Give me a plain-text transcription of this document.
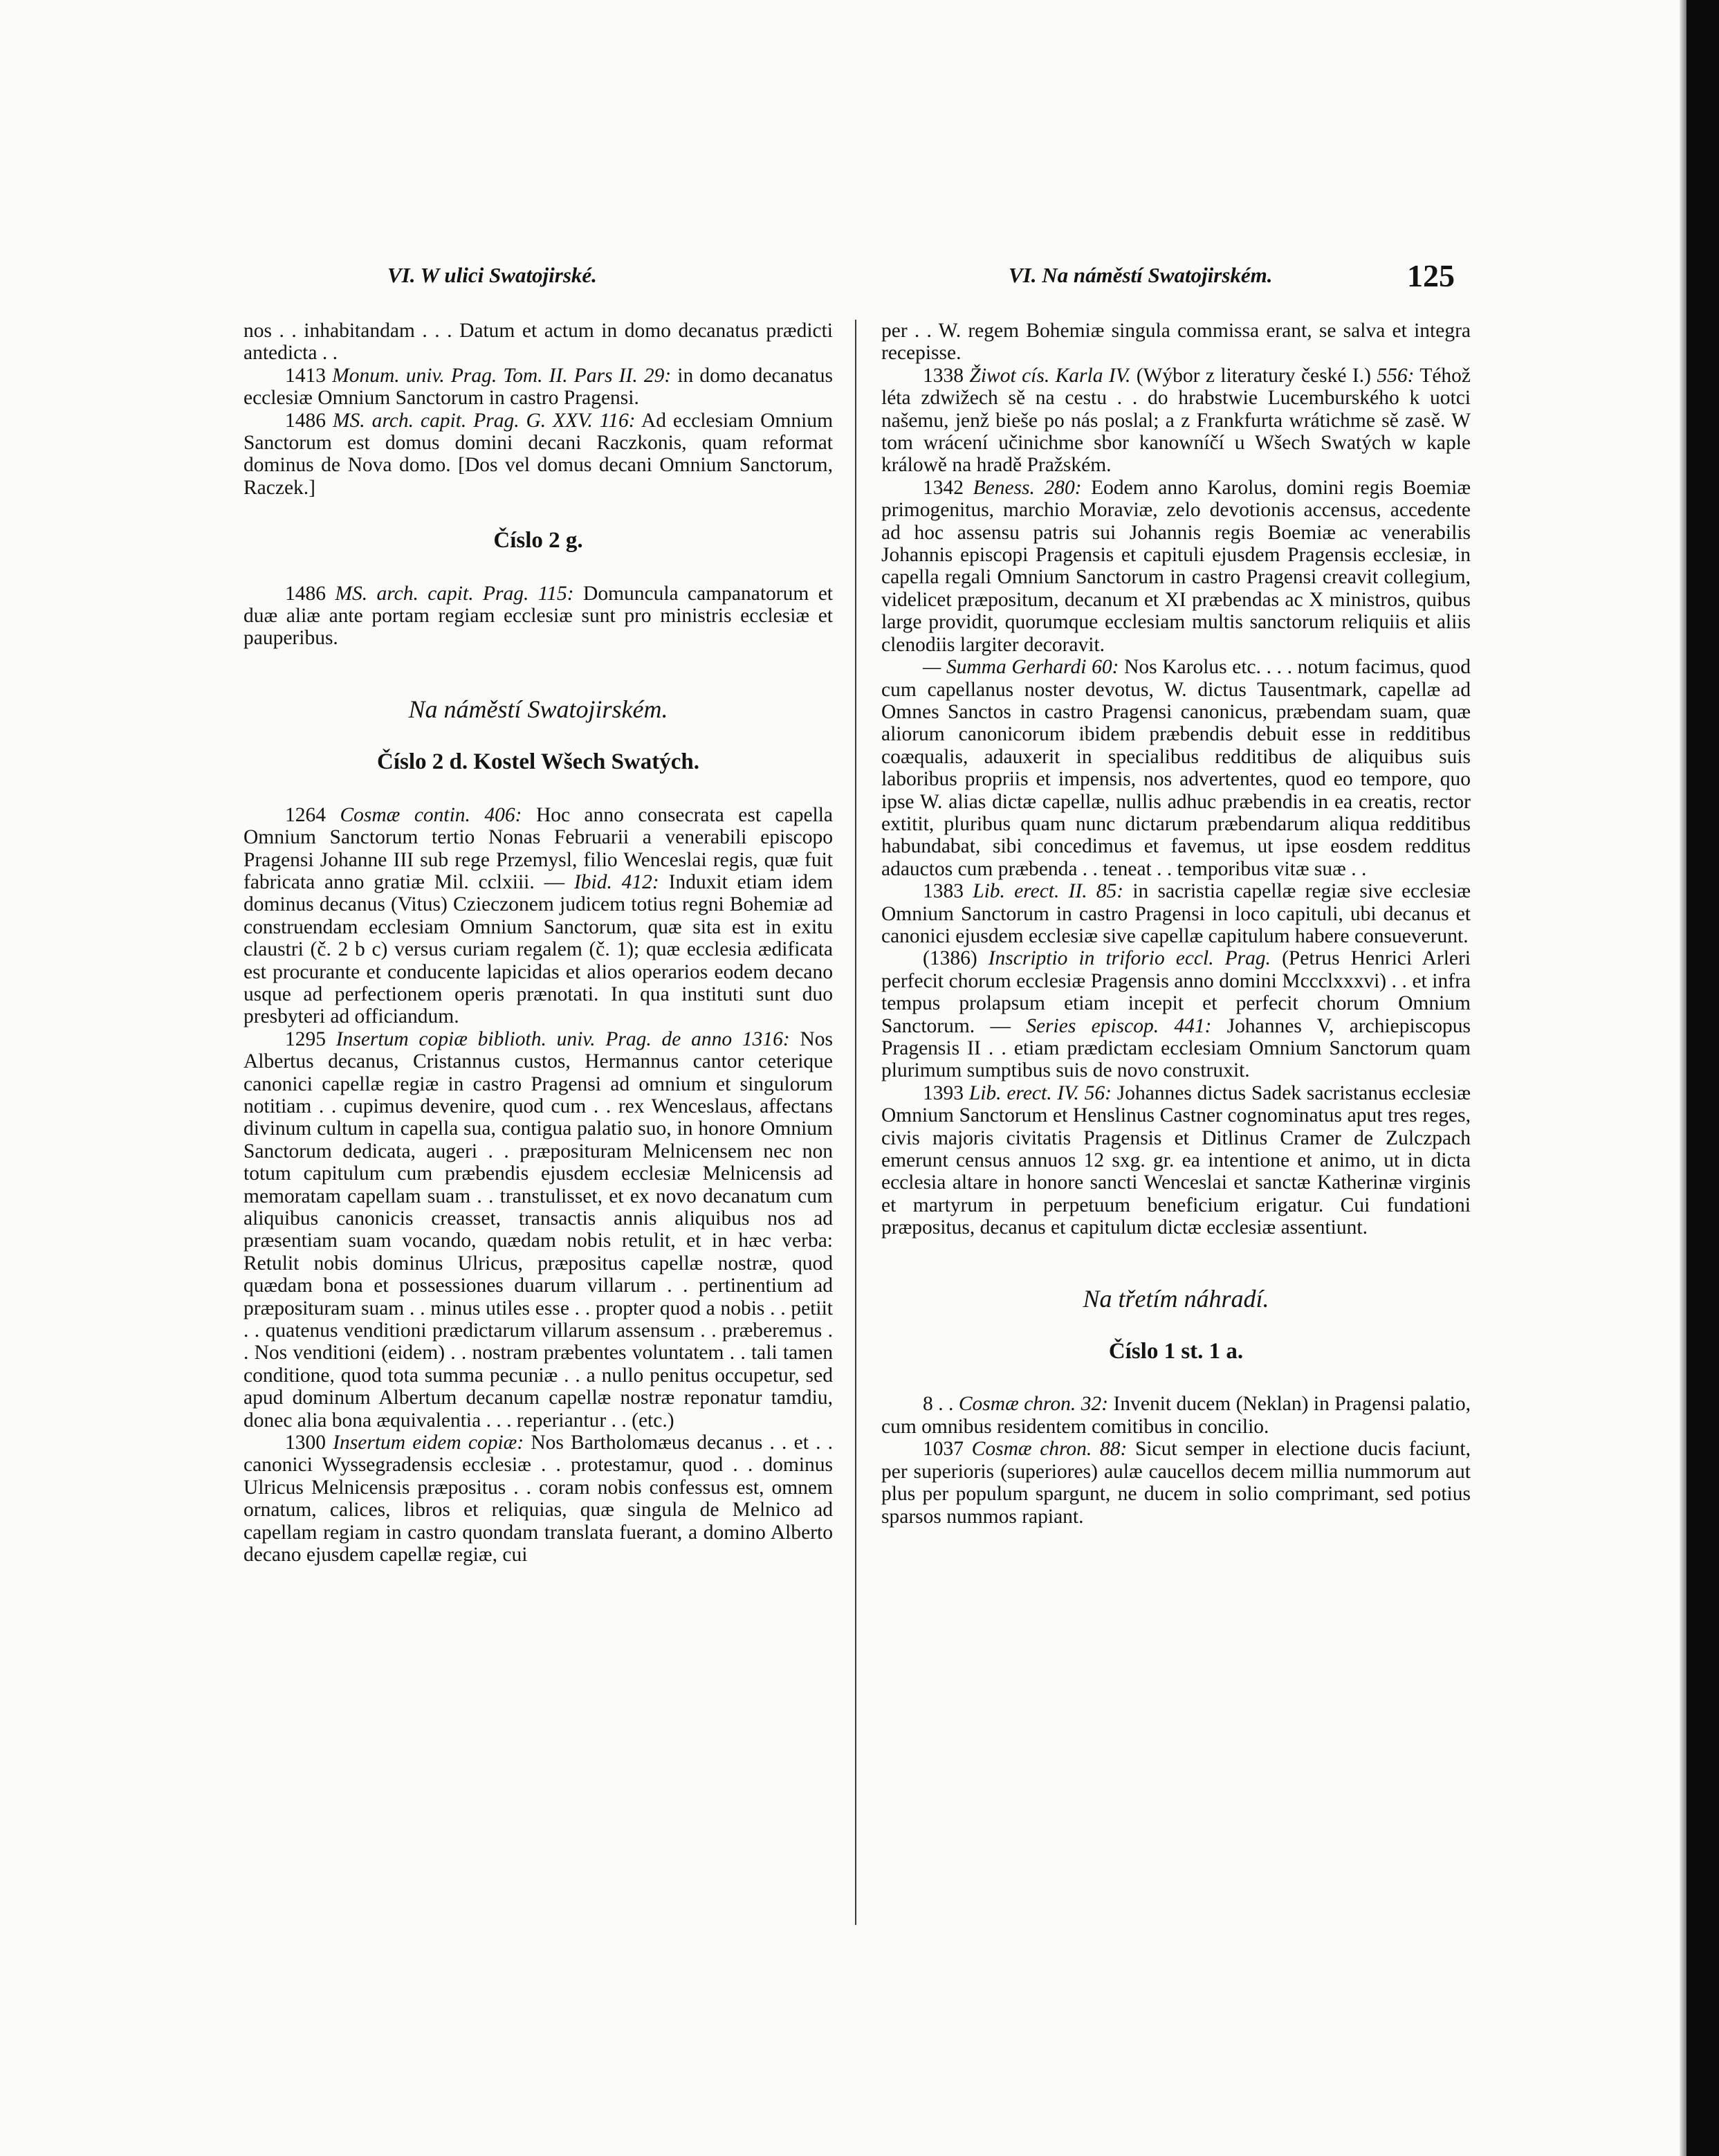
VI. W ulici Swatojirské.	VI. Na náměstí Swatojirském.	125

nos . . inhabitandam . . . Datum et actum in domo decanatus prædicti antedicta . .

1413 Monum. univ. Prag. Tom. II. Pars II. 29: in domo decanatus ecclesiæ Omnium Sanctorum in castro Pragensi.

1486 MS. arch. capit. Prag. G. XXV. 116: Ad ecclesiam Omnium Sanctorum est domus domini decani Raczkonis, quam reformat dominus de Nova domo. [Dos vel domus decani Omnium Sanctorum, Raczek.]

Číslo 2 g.

1486 MS. arch. capit. Prag. 115: Domuncula campanatorum et duæ aliæ ante portam regiam ecclesiæ sunt pro ministris ecclesiæ et pauperibus.

Na náměstí Swatojirském.

Číslo 2 d. Kostel Wšech Swatých.

1264 Cosmæ contin. 406: Hoc anno consecrata est capella Omnium Sanctorum tertio Nonas Februarii a venerabili episcopo Pragensi Johanne III sub rege Przemysl, filio Wenceslai regis, quæ fuit fabricata anno gratiæ Mil. cclxiii. — Ibid. 412: Induxit etiam idem dominus decanus (Vitus) Czieczonem judicem totius regni Bohemiæ ad construendam ecclesiam Omnium Sanctorum, quæ sita est in exitu claustri (č. 2 b c) versus curiam regalem (č. 1); quæ ecclesia ædificata est procurante et conducente lapicidas et alios operarios eodem decano usque ad perfectionem operis prænotati. In qua instituti sunt duo presbyteri ad officiandum.

1295 Insertum copiæ biblioth. univ. Prag. de anno 1316: Nos Albertus decanus, Cristannus custos, Hermannus cantor ceterique canonici capellæ regiæ in castro Pragensi ad omnium et singulorum notitiam . . cupimus devenire, quod cum . . rex Wenceslaus, affectans divinum cultum in capella sua, contigua palatio suo, in honore Omnium Sanctorum dedicata, augeri . . præposituram Melnicensem nec non totum capitulum cum præbendis ejusdem ecclesiæ Melnicensis ad memoratam capellam suam . . transtulisset, et ex novo decanatum cum aliquibus canonicis creasset, transactis annis aliquibus nos ad præsentiam suam vocando, quædam nobis retulit, et in hæc verba: Retulit nobis dominus Ulricus, præpositus capellæ nostræ, quod quædam bona et possessiones duarum villarum . . pertinentium ad præposituram suam . . minus utiles esse . . propter quod a nobis . . petiit . . quatenus venditioni prædictarum villarum assensum . . præberemus . . Nos venditioni (eidem) . . nostram præbentes voluntatem . . tali tamen conditione, quod tota summa pecuniæ . . a nullo penitus occupetur, sed apud dominum Albertum decanum capellæ nostræ reponatur tamdiu, donec alia bona æquivalentia . . . reperiantur . . (etc.)

1300 Insertum eidem copiæ: Nos Bartholomæus decanus . . et . . canonici Wyssegradensis ecclesiæ . . protestamur, quod . . dominus Ulricus Melnicensis præpositus . . coram nobis confessus est, omnem ornatum, calices, libros et reliquias, quæ singula de Melnico ad capellam regiam in castro quondam translata fuerant, a domino Alberto decano ejusdem capellæ regiæ, cui

per . . W. regem Bohemiæ singula commissa erant, se salva et integra recepisse.

1338 Žiwot cís. Karla IV. (Wýbor z literatury české I.) 556: Téhož léta zdwižech sě na cestu . . do hrabstwie Lucemburského k uotci našemu, jenž bieše po nás poslal; a z Frankfurta wrátichme sě zasě. W tom wrácení učinichme sbor kanowníčí u Wšech Swatých w kaple králowě na hradě Pražském.

1342 Beness. 280: Eodem anno Karolus, domini regis Boemiæ primogenitus, marchio Moraviæ, zelo devotionis accensus, accedente ad hoc assensu patris sui Johannis regis Boemiæ ac venerabilis Johannis episcopi Pragensis et capituli ejusdem Pragensis ecclesiæ, in capella regali Omnium Sanctorum in castro Pragensi creavit collegium, videlicet præpositum, decanum et XI præbendas ac X ministros, quibus large providit, quorumque ecclesiam multis sanctorum reliquiis et aliis clenodiis largiter decoravit.

— Summa Gerhardi 60: Nos Karolus etc. . . . notum facimus, quod cum capellanus noster devotus, W. dictus Tausentmark, capellæ ad Omnes Sanctos in castro Pragensi canonicus, præbendam suam, quæ aliorum canonicorum ibidem præbendis debuit esse in redditibus coæqualis, adauxerit in specialibus redditibus de aliquibus suis laboribus propriis et impensis, nos advertentes, quod eo tempore, quo ipse W. alias dictæ capellæ, nullis adhuc præbendis in ea creatis, rector extitit, pluribus quam nunc dictarum præbendarum aliqua redditibus habundabat, sibi concedimus et favemus, ut ipse eosdem redditus adauctos cum præbenda . . teneat . . temporibus vitæ suæ . .

1383 Lib. erect. II. 85: in sacristia capellæ regiæ sive ecclesiæ Omnium Sanctorum in castro Pragensi in loco capituli, ubi decanus et canonici ejusdem ecclesiæ sive capellæ capitulum habere consueverunt.

(1386) Inscriptio in triforio eccl. Prag. (Petrus Henrici Arleri perfecit chorum ecclesiæ Pragensis anno domini Mccclxxxvi) . . et infra tempus prolapsum etiam incepit et perfecit chorum Omnium Sanctorum. — Series episcop. 441: Johannes V, archiepiscopus Pragensis II . . etiam prædictam ecclesiam Omnium Sanctorum quam plurimum sumptibus suis de novo construxit.

1393 Lib. erect. IV. 56: Johannes dictus Sadek sacristanus ecclesiæ Omnium Sanctorum et Henslinus Castner cognominatus aput tres reges, civis majoris civitatis Pragensis et Ditlinus Cramer de Zulczpach emerunt census annuos 12 sxg. gr. ea intentione et animo, ut in dicta ecclesia altare in honore sancti Wenceslai et sanctæ Katherinæ virginis et martyrum in perpetuum beneficium erigatur. Cui fundationi præpositus, decanus et capitulum dictæ ecclesiæ assentiunt.

Na třetím náhradí.

Číslo 1 st. 1 a.

8 . . Cosmæ chron. 32: Invenit ducem (Neklan) in Pragensi palatio, cum omnibus residentem comitibus in concilio.

1037 Cosmæ chron. 88: Sicut semper in electione ducis faciunt, per superioris (superiores) aulæ caucellos decem millia nummorum aut plus per populum spargunt, ne ducem in solio comprimant, sed potius sparsos nummos rapiant.
